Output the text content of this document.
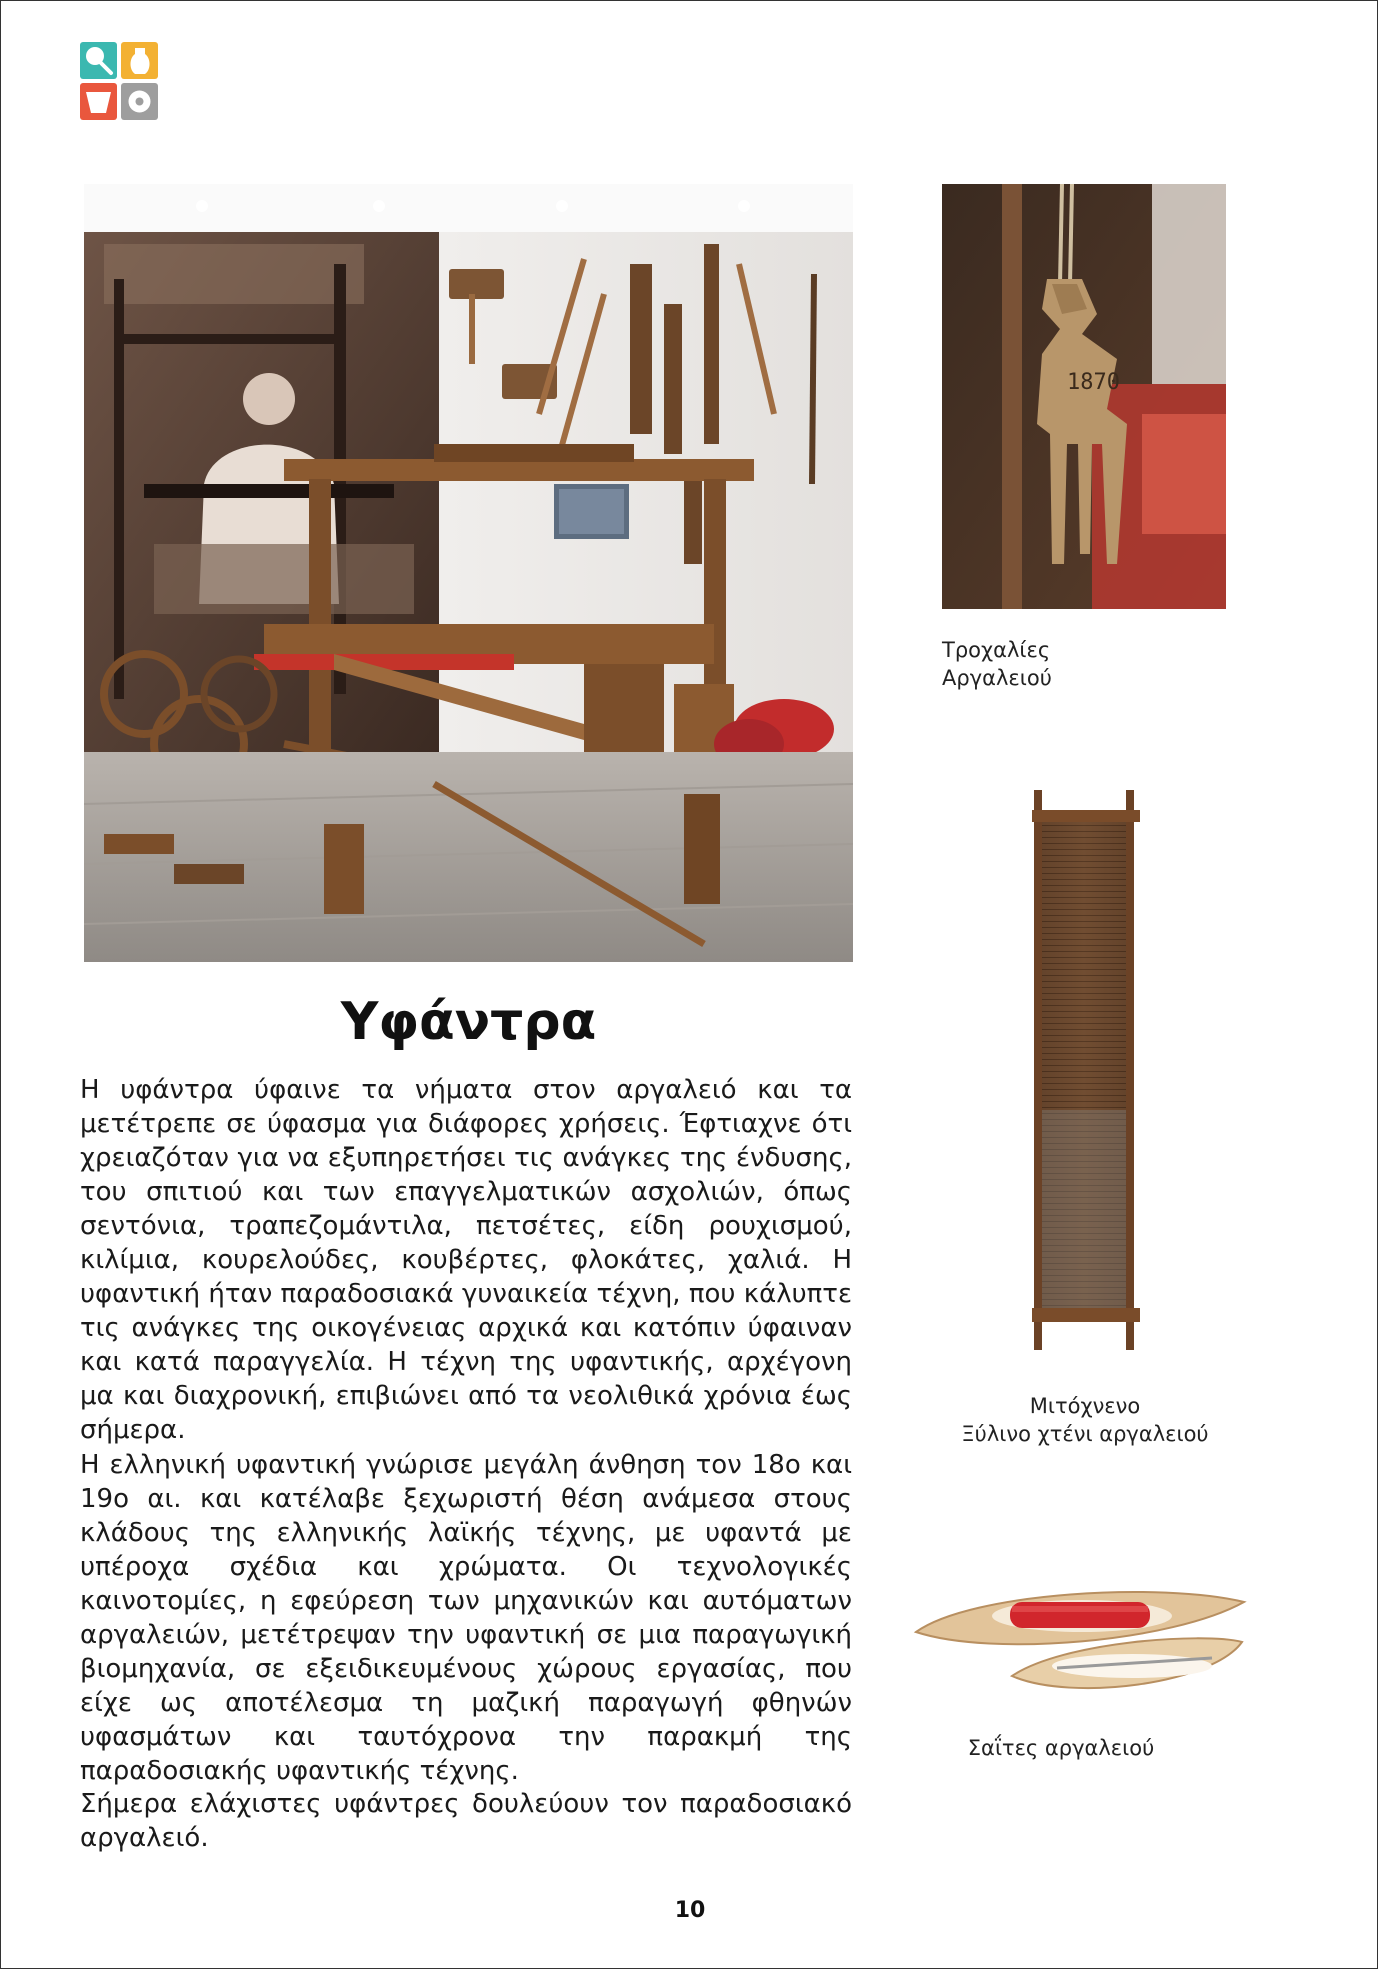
1870
Τροχαλίες Αργαλειού
Μιτόχνενο
Ξύλινο χτένι αργαλειού
Σαΐτες αργαλειού
Υφάντρα

Η υφάντρα ύφαινε τα νήματα στον αργαλειό και τα μετέτρεπε σε ύφασμα για διάφορες χρήσεις. Έφτιαχνε ότι χρειαζόταν για να εξυπηρετήσει τις ανάγκες της ένδυσης, του σπιτιού και των επαγγελματικών ασχολιών, όπως σεντόνια, τραπεζομάντιλα, πετσέτες, είδη ρουχισμού, κιλίμια, κουρελούδες, κουβέρτες, φλοκάτες, χαλιά. Η υφαντική ήταν παραδοσιακά γυναικεία τέχνη, που κάλυπτε τις ανάγκες της οικογένειας αρχικά και κατόπιν ύφαιναν και κατά παραγγελία. Η τέχνη της υφαντικής, αρχέγονη μα και διαχρονική, επιβιώνει από τα νεολιθικά χρόνια έως σήμερα.

Η ελληνική υφαντική γνώρισε μεγάλη άνθηση τον 18ο και 19ο αι. και κατέλαβε ξεχωριστή θέση ανάμεσα στους κλάδους της ελληνικής λαϊκής τέχνης, με υφαντά με υπέροχα σχέδια και χρώματα. Οι τεχνολογικές καινοτομίες, η εφεύρεση των μηχανικών και αυτόματων αργαλειών, μετέτρεψαν την υφαντική σε μια παραγωγική βιομηχανία, σε εξειδικευμένους χώρους εργασίας, που είχε ως αποτέλεσμα τη μαζική παραγωγή φθηνών υφασμάτων και ταυτόχρονα την παρακμή της παραδοσιακής υφαντικής τέχνης.

Σήμερα ελάχιστες υφάντρες δουλεύουν τον παραδοσιακό αργαλειό.

10
